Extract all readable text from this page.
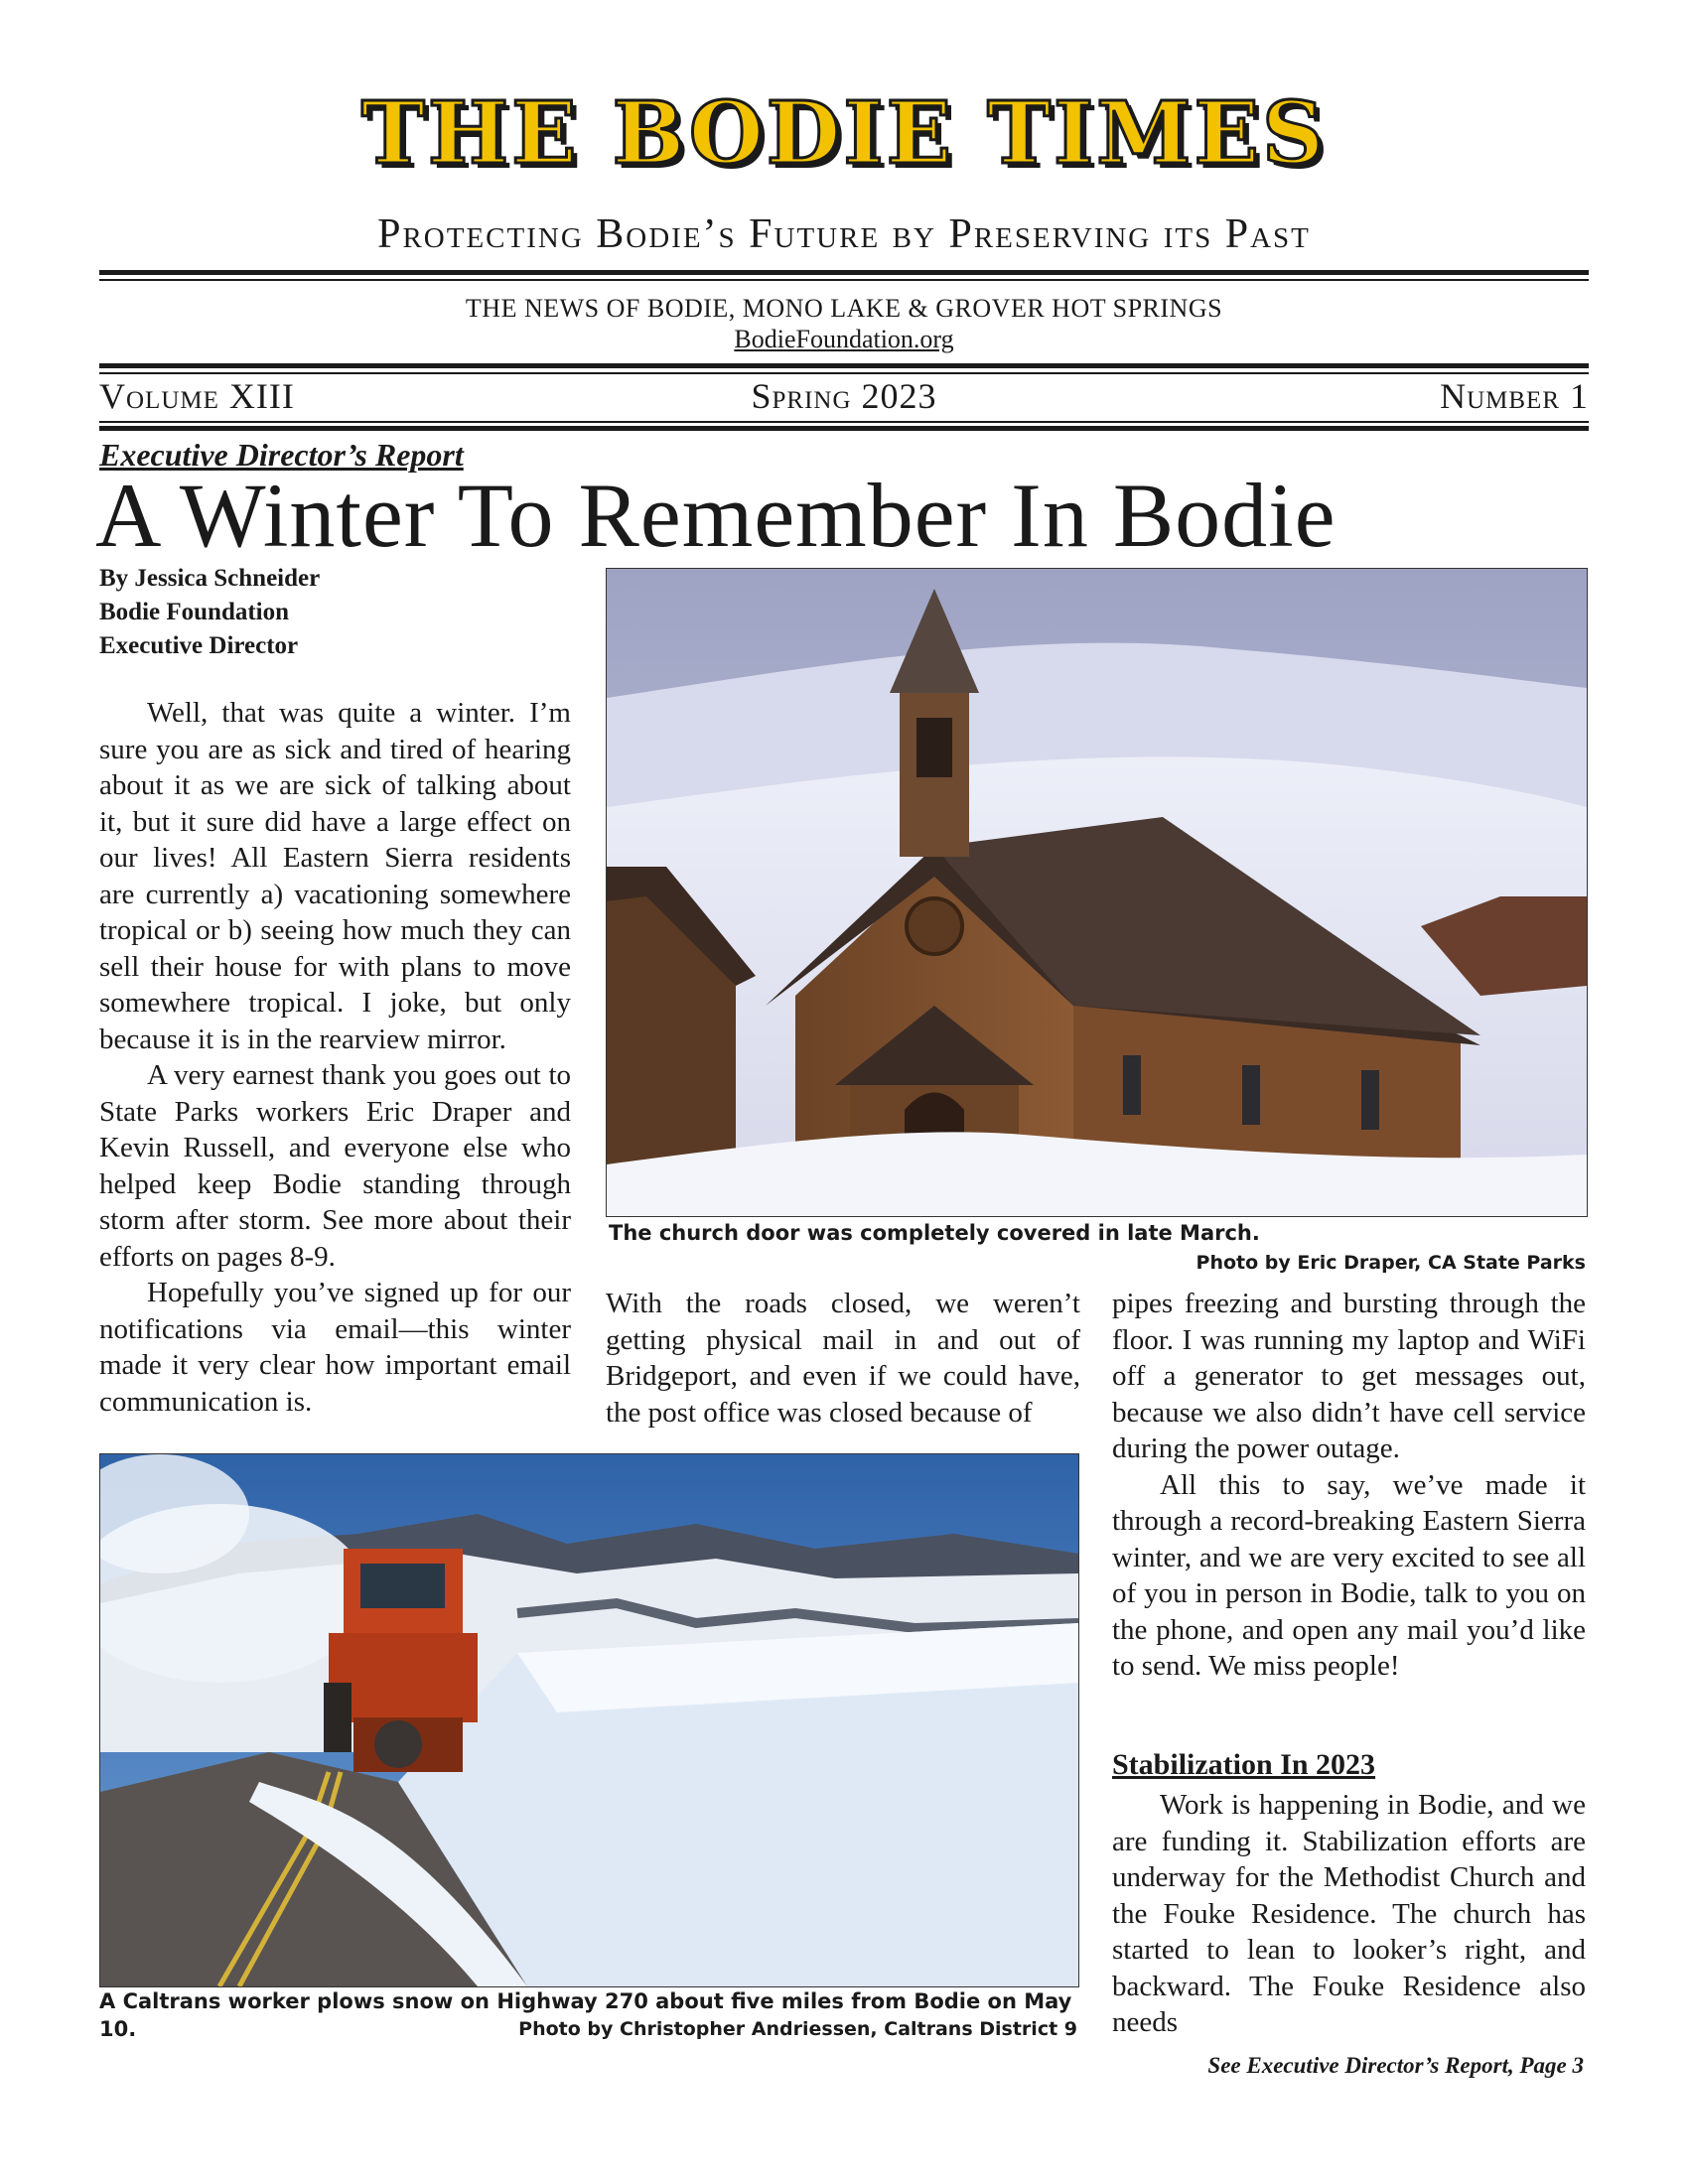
THE BODIE TIMES
Protecting Bodie’s Future by Preserving its Past
THE NEWS OF BODIE, MONO LAKE & GROVER HOT SPRINGS
BodieFoundation.org
Volume XIII	Spring 2023	Number 1
Executive Director’s Report
A Winter To Remember In Bodie
By Jessica Schneider
Bodie Foundation
Executive Director

Well, that was quite a winter. I’m sure you are as sick and tired of hearing about it as we are sick of talking about it, but it sure did have a large effect on our lives! All Eastern Sierra residents are currently a) vacationing somewhere tropical or b) seeing how much they can sell their house for with plans to move somewhere tropical. I joke, but only because it is in the rearview mirror.

A very earnest thank you goes out to State Parks workers Eric Draper and Kevin Russell, and everyone else who helped keep Bodie standing through storm after storm. See more about their efforts on pages 8-9.

Hopefully you’ve signed up for our notifications via email—this winter made it very clear how important email communication is.

The church door was completely covered in late March.
Photo by Eric Draper, CA State Parks

With the roads closed, we weren’t getting physical mail in and out of Bridgeport, and even if we could have, the post office was closed because of

pipes freezing and bursting through the floor. I was running my laptop and WiFi off a generator to get messages out, because we also didn’t have cell service during the power outage.

All this to say, we’ve made it through a record-breaking Eastern Sierra winter, and we are very excited to see all of you in person in Bodie, talk to you on the phone, and open any mail you’d like to send. We miss people!

Stabilization In 2023

Work is happening in Bodie, and we are funding it. Stabilization efforts are underway for the Methodist Church and the Fouke Residence. The church has started to lean to looker’s right, and backward. The Fouke Residence also needs

See Executive Director’s Report, Page 3
A Caltrans worker plows snow on Highway 270 about five miles from Bodie on May 10.	Photo by Christopher Andriessen, Caltrans District 9
